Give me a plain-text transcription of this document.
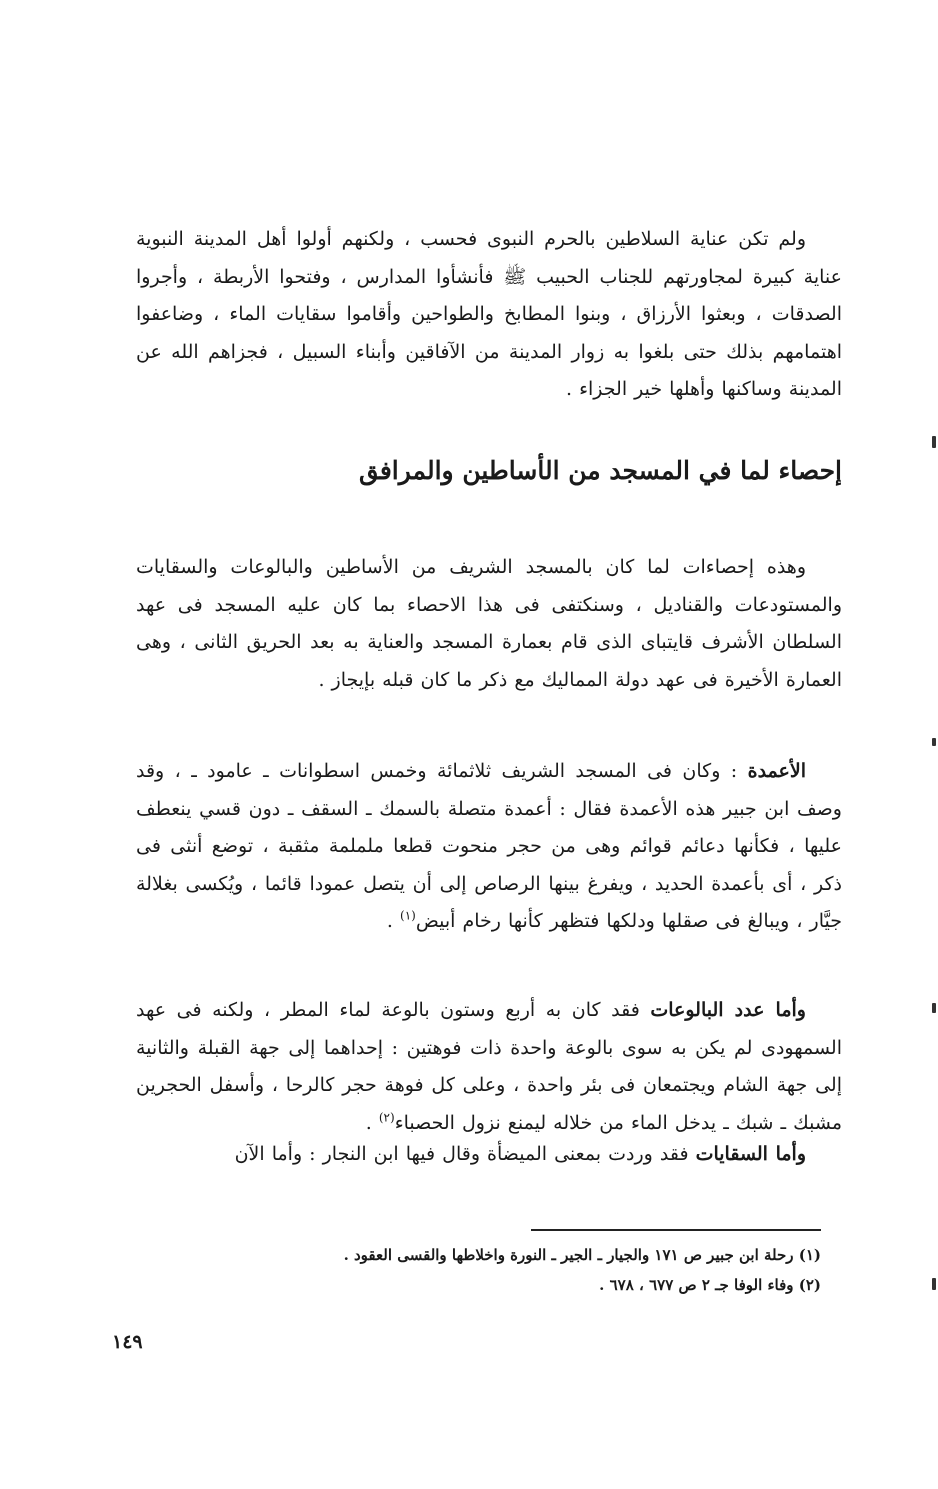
ولم تكن عناية السلاطين بالحرم النبوى فحسب ، ولكنهم أولوا أهل المدينة النبوية عناية كبيرة لمجاورتهم للجناب الحبيب ﷺ فأنشأوا المدارس ، وفتحوا الأربطة ، وأجروا الصدقات ، وبعثوا الأرزاق ، وبنوا المطابخ والطواحين وأقاموا سقايات الماء ، وضاعفوا اهتمامهم بذلك حتى بلغوا به زوار المدينة من الآفاقين وأبناء السبيل ، فجزاهم الله عن المدينة وساكنها وأهلها خير الجزاء .

إحصاء لما في المسجد من الأساطين والمرافق

وهذه إحصاءات لما كان بالمسجد الشريف من الأساطين والبالوعات والسقايات والمستودعات والقناديل ، وسنكتفى فى هذا الاحصاء بما كان عليه المسجد فى عهد السلطان الأشرف قايتباى الذى قام بعمارة المسجد والعناية به بعد الحريق الثانى ، وهى العمارة الأخيرة فى عهد دولة المماليك مع ذكر ما كان قبله بإيجاز .

الأعمدة : وكان فى المسجد الشريف ثلاثمائة وخمس اسطوانات ـ عامود ـ ، وقد وصف ابن جبير هذه الأعمدة فقال : أعمدة متصلة بالسمك ـ السقف ـ دون قسي ينعطف عليها ، فكأنها دعائم قوائم وهى من حجر منحوت قطعا ململمة مثقبة ، توضع أنثى فى ذكر ، أى بأعمدة الحديد ، ويفرغ بينها الرصاص إلى أن يتصل عمودا قائما ، ويُكسى بغلالة جيَّار ، ويبالغ فى صقلها ودلكها فتظهر كأنها رخام أبيض$^{(١)}$ .

وأما عدد البالوعات فقد كان به أربع وستون بالوعة لماء المطر ، ولكنه فى عهد السمهودى لم يكن به سوى بالوعة واحدة ذات فوهتين : إحداهما إلى جهة القبلة والثانية إلى جهة الشام ويجتمعان فى بئر واحدة ، وعلى كل فوهة حجر كالرحا ، وأسفل الحجرين مشبك ـ شبك ـ يدخل الماء من خلاله ليمنع نزول الحصباء$^{(٢)}$ .

وأما السقايات فقد وردت بمعنى الميضأة وقال فيها ابن النجار : وأما الآن

(١) رحلة ابن جبير ص ١٧١ والجيار ـ الجير ـ النورة واخلاطها والقسى العقود .
(٢) وفاء الوفا جـ ٢ ص ٦٧٧ ، ٦٧٨ .
١٤٩
